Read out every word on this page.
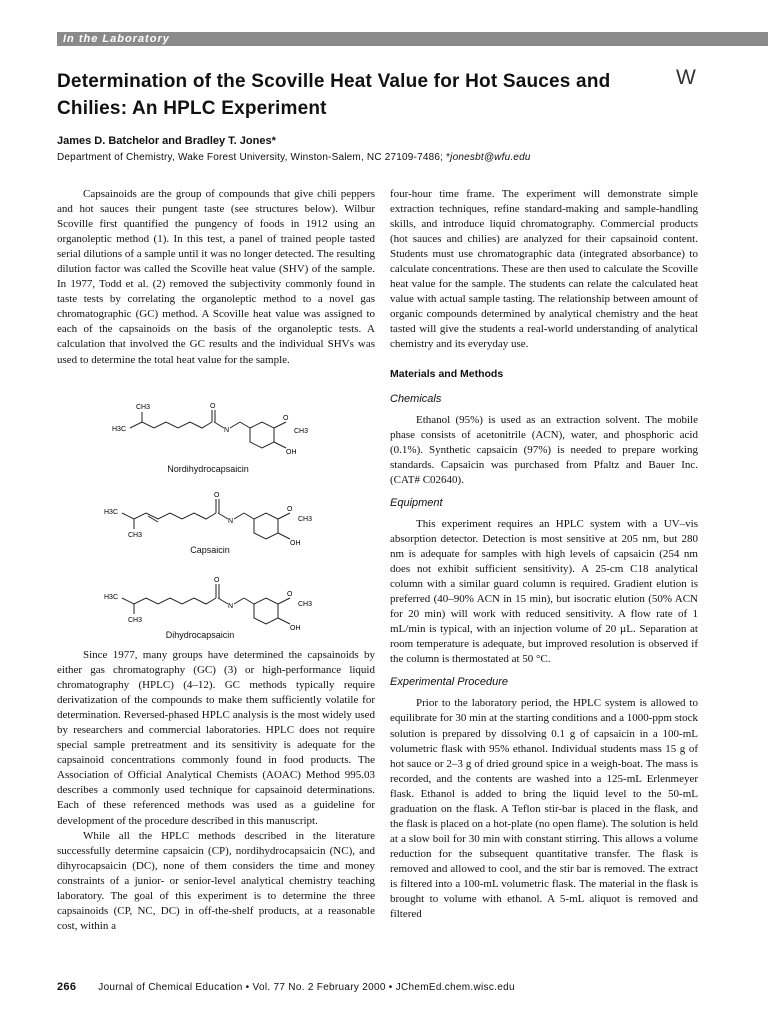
In the Laboratory
Determination of the Scoville Heat Value for Hot Sauces and Chilies: An HPLC Experiment
W
James D. Batchelor and Bradley T. Jones*
Department of Chemistry, Wake Forest University, Winston-Salem, NC 27109-7486; *jonesbt@wfu.edu

Capsainoids are the group of compounds that give chili peppers and hot sauces their pungent taste (see structures below). Wilbur Scoville first quantified the pungency of foods in 1912 using an organoleptic method (1). In this test, a panel of trained people tasted serial dilutions of a sample until it was no longer detected. The resulting dilution factor was called the Scoville heat value (SHV) of the sample. In 1977, Todd et al. (2) removed the subjectivity commonly found in taste tests by correlating the organoleptic method to a novel gas chromatographic (GC) method. A Scoville heat value was assigned to each of the capsainoids on the basis of the organoleptic tests. A calculation that involved the GC results and the individual SHVs was used to determine the total heat value for the sample.

CH3
H3C
O
N
O
CH3
OH
Nordihydrocapsaicin
H3C
CH3
O
N
O
CH3
OH
Capsaicin
H3C
CH3
O
N
O
CH3
OH
Dihydrocapsaicin

Since 1977, many groups have determined the capsainoids by either gas chromatography (GC) (3) or high-performance liquid chromatography (HPLC) (4–12). GC methods typically require derivatization of the compounds to make them sufficiently volatile for determination. Reversed-phased HPLC analysis is the most widely used by researchers and commercial laboratories. HPLC does not require special sample pretreatment and its sensitivity is adequate for the capsainoid concentrations commonly found in food products. The Association of Official Analytical Chemists (AOAC) Method 995.03 describes a commonly used technique for capsainoid determinations. Each of these referenced methods was used as a guideline for development of the procedure described in this manuscript.

While all the HPLC methods described in the literature successfully determine capsaicin (CP), nordihydrocapsaicin (NC), and dihyrocapsaicin (DC), none of them considers the time and money constraints of a junior- or senior-level analytical chemistry teaching laboratory. The goal of this experiment is to determine the three capsainoids (CP, NC, DC) in off-the-shelf products, at a reasonable cost, within a

four-hour time frame. The experiment will demonstrate simple extraction techniques, refine standard-making and sample-handling skills, and introduce liquid chromatography. Commercial products (hot sauces and chilies) are analyzed for their capsainoid content. Students must use chromatographic data (integrated absorbance) to calculate concentrations. These are then used to calculate the Scoville heat value for the sample. The students can relate the calculated heat value with actual sample tasting. The relationship between amount of organic compounds determined by analytical chemistry and the heat tasted will give the students a real-world understanding of analytical chemistry and its everyday use.

Materials and Methods
Chemicals

Ethanol (95%) is used as an extraction solvent. The mobile phase consists of acetonitrile (ACN), water, and phosphoric acid (0.1%). Synthetic capsaicin (97%) is needed to prepare working standards. Capsaicin was purchased from Pfaltz and Bauer Inc. (CAT# C02640).

Equipment

This experiment requires an HPLC system with a UV–vis absorption detector. Detection is most sensitive at 205 nm, but 280 nm is adequate for samples with high levels of capsaicin (254 nm does not exhibit sufficient sensitivity). A 25-cm C18 analytical column with a similar guard column is required. Gradient elution is preferred (40–90% ACN in 15 min), but isocratic elution (50% ACN for 20 min) will work with reduced sensitivity. A flow rate of 1 mL/min is typical, with an injection volume of 20 µL. Separation at room temperature is adequate, but improved resolution is observed if the column is thermostated at 50 °C.

Experimental Procedure

Prior to the laboratory period, the HPLC system is allowed to equilibrate for 30 min at the starting conditions and a 1000-ppm stock solution is prepared by dissolving 0.1 g of capsaicin in a 100-mL volumetric flask with 95% ethanol. Individual students mass 15 g of hot sauce or 2–3 g of dried ground spice in a weigh-boat. The mass is recorded, and the contents are washed into a 125-mL Erlenmeyer flask. Ethanol is added to bring the liquid level to the 50-mL graduation on the flask. A Teflon stir-bar is placed in the flask, and the flask is placed on a hot-plate (no open flame). The solution is held at a slow boil for 30 min with constant stirring. This allows a volume reduction for the subsequent quantitative transfer. The flask is removed and allowed to cool, and the stir bar is removed. The extract is filtered into a 100-mL volumetric flask. The material in the flask is brought to volume with ethanol. A 5-mL aliquot is removed and filtered

266 Journal of Chemical Education • Vol. 77 No. 2 February 2000 • JChemEd.chem.wisc.edu
